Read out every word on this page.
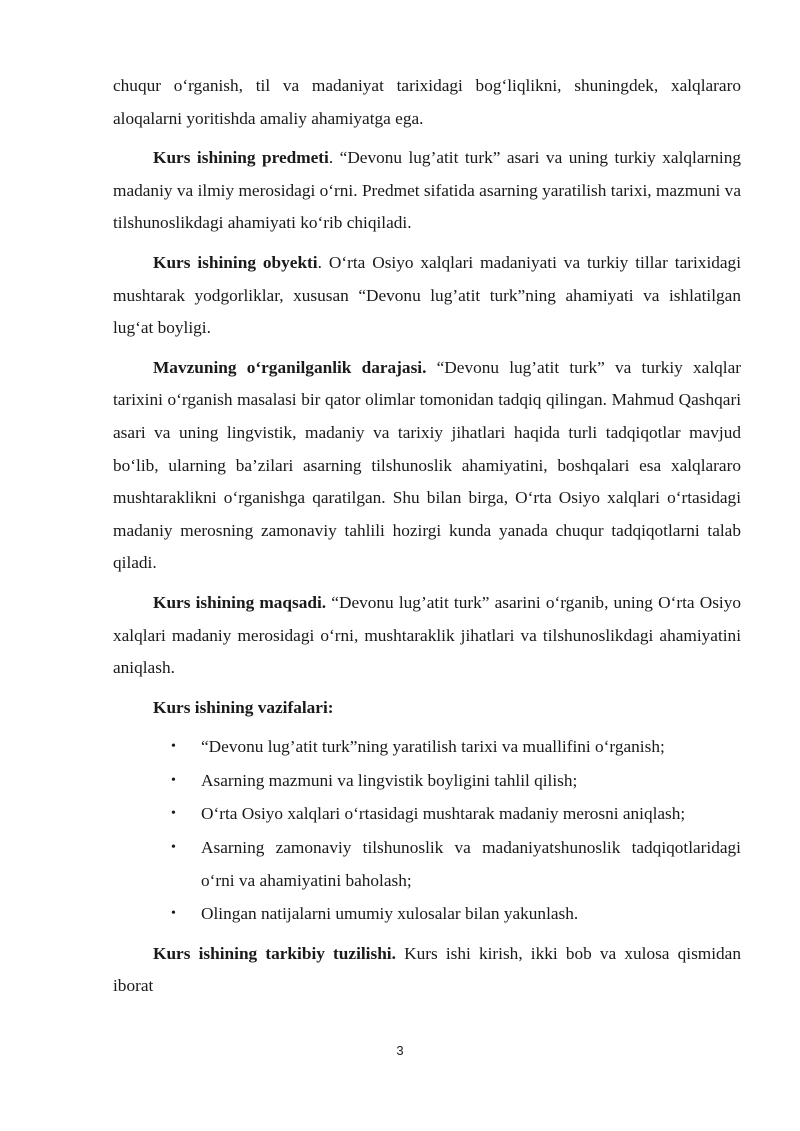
chuqur o‘rganish, til va madaniyat tarixidagi bog‘liqlikni, shuningdek, xalqlararo aloqalarni yoritishda amaliy ahamiyatga ega.

Kurs ishining predmeti. “Devonu lug’atit turk” asari va uning turkiy xalqlarning madaniy va ilmiy merosidagi o‘rni. Predmet sifatida asarning yaratilish tarixi, mazmuni va tilshunoslikdagi ahamiyati ko‘rib chiqiladi.

Kurs ishining obyekti. O‘rta Osiyo xalqlari madaniyati va turkiy tillar tarixidagi mushtarak yodgorliklar, xususan “Devonu lug’atit turk”ning ahamiyati va ishlatilgan lug‘at boyligi.

Mavzuning o‘rganilganlik darajasi. “Devonu lug’atit turk” va turkiy xalqlar tarixini o‘rganish masalasi bir qator olimlar tomonidan tadqiq qilingan. Mahmud Qashqari asari va uning lingvistik, madaniy va tarixiy jihatlari haqida turli tadqiqotlar mavjud bo‘lib, ularning ba’zilari asarning tilshunoslik ahamiyatini, boshqalari esa xalqlararo mushtaraklikni o‘rganishga qaratilgan. Shu bilan birga, O‘rta Osiyo xalqlari o‘rtasidagi madaniy merosning zamonaviy tahlili hozirgi kunda yanada chuqur tadqiqotlarni talab qiladi.

Kurs ishining maqsadi. “Devonu lug’atit turk” asarini o‘rganib, uning O‘rta Osiyo xalqlari madaniy merosidagi o‘rni, mushtaraklik jihatlari va tilshunoslikdagi ahamiyatini aniqlash.

Kurs ishining vazifalari:

• “Devonu lug’atit turk”ning yaratilish tarixi va muallifini o‘rganish;
• Asarning mazmuni va lingvistik boyligini tahlil qilish;
• O‘rta Osiyo xalqlari o‘rtasidagi mushtarak madaniy merosni aniqlash;
• Asarning zamonaviy tilshunoslik va madaniyatshunoslik tadqiqotlaridagi o‘rni va ahamiyatini baholash;
• Olingan natijalarni umumiy xulosalar bilan yakunlash.

Kurs ishining tarkibiy tuzilishi. Kurs ishi kirish, ikki bob va xulosa qismidan iborat

3
